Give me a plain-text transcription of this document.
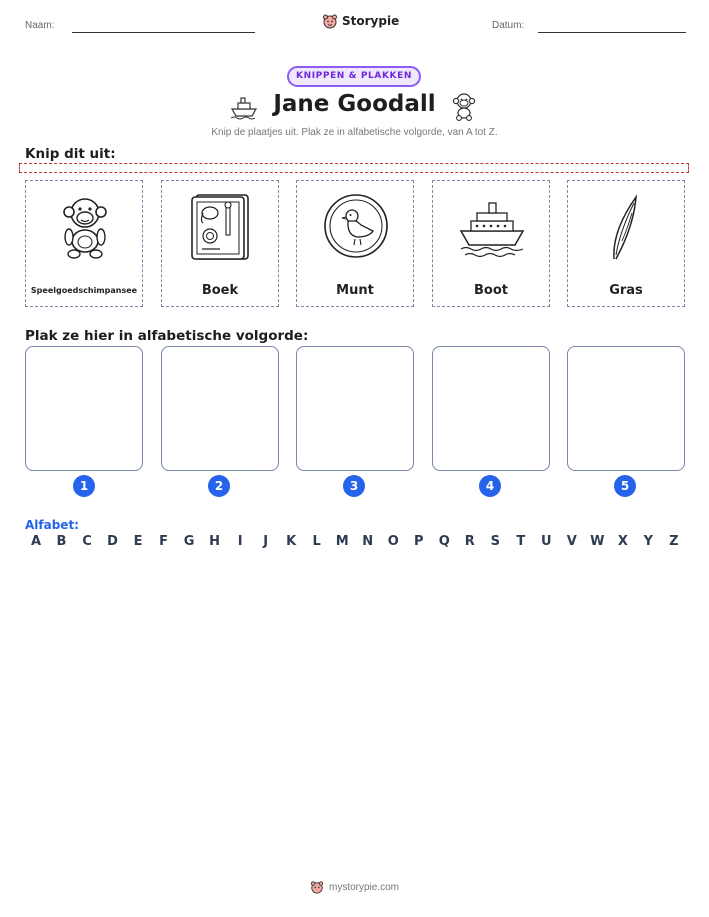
Naam:	Storypie	Datum:
KNIPPEN & PLAKKEN
Jane Goodall
Knip de plaatjes uit. Plak ze in alfabetische volgorde, van A tot Z.
Knip dit uit:
Speelgoedschimpansee	Boek	Munt	Boot	Gras
Plak ze hier in alfabetische volgorde:
1	2	3	4	5
Alfabet:
A	B	C	D	E	F	G	H	I	J	K	L	M	N	O	P	Q	R	S	T	U	V	W	X	Y	Z
mystorypie.com
